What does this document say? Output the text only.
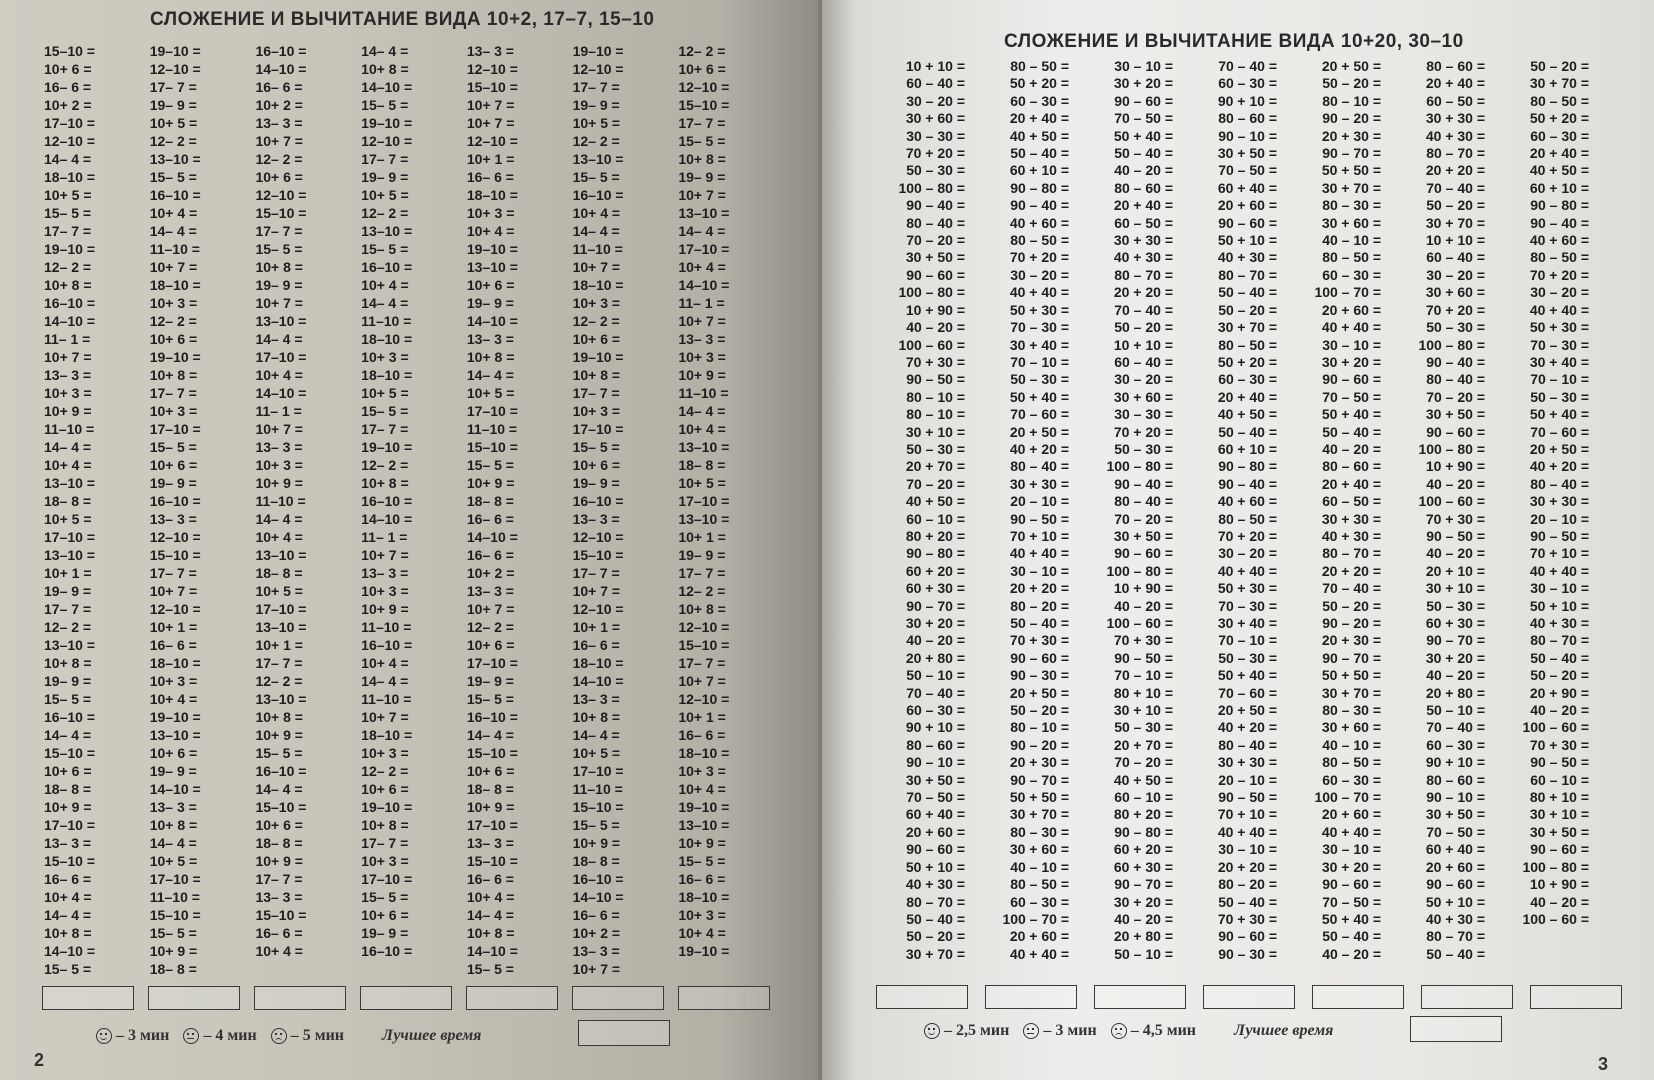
СЛОЖЕНИЕ И ВЫЧИТАНИЕ ВИДА 10+2, 17–7, 15–10
15–10 =
10+ 6 =
16– 6 =
10+ 2 =
17–10 =
12–10 =
14– 4 =
18–10 =
10+ 5 =
15– 5 =
17– 7 =
19–10 =
12– 2 =
10+ 8 =
16–10 =
14–10 =
11– 1 =
10+ 7 =
13– 3 =
10+ 3 =
10+ 9 =
11–10 =
14– 4 =
10+ 4 =
13–10 =
18– 8 =
10+ 5 =
17–10 =
13–10 =
10+ 1 =
19– 9 =
17– 7 =
12– 2 =
13–10 =
10+ 8 =
19– 9 =
15– 5 =
16–10 =
14– 4 =
15–10 =
10+ 6 =
18– 8 =
10+ 9 =
17–10 =
13– 3 =
15–10 =
16– 6 =
10+ 4 =
14– 4 =
10+ 8 =
14–10 =
15– 5 =
19–10 =
12–10 =
17– 7 =
19– 9 =
10+ 5 =
12– 2 =
13–10 =
15– 5 =
16–10 =
10+ 4 =
14– 4 =
11–10 =
10+ 7 =
18–10 =
10+ 3 =
12– 2 =
10+ 6 =
19–10 =
10+ 8 =
17– 7 =
10+ 3 =
17–10 =
15– 5 =
10+ 6 =
19– 9 =
16–10 =
13– 3 =
12–10 =
15–10 =
17– 7 =
10+ 7 =
12–10 =
10+ 1 =
16– 6 =
18–10 =
10+ 3 =
10+ 4 =
19–10 =
13–10 =
10+ 6 =
19– 9 =
14–10 =
13– 3 =
10+ 8 =
14– 4 =
10+ 5 =
17–10 =
11–10 =
15–10 =
15– 5 =
10+ 9 =
18– 8 =
16–10 =
14–10 =
16– 6 =
10+ 2 =
13– 3 =
10+ 7 =
12– 2 =
10+ 6 =
12–10 =
15–10 =
17– 7 =
15– 5 =
10+ 8 =
19– 9 =
10+ 7 =
13–10 =
14– 4 =
17–10 =
10+ 4 =
14–10 =
11– 1 =
10+ 7 =
13– 3 =
10+ 3 =
10+ 9 =
11–10 =
14– 4 =
10+ 4 =
13–10 =
18– 8 =
10+ 5 =
17–10 =
13–10 =
10+ 1 =
17– 7 =
12– 2 =
13–10 =
10+ 8 =
10+ 9 =
15– 5 =
16–10 =
14– 4 =
15–10 =
10+ 6 =
18– 8 =
10+ 9 =
17– 7 =
13– 3 =
15–10 =
16– 6 =
10+ 4 =
14– 4 =
10+ 8 =
14–10 =
15– 5 =
19–10 =
12–10 =
17– 7 =
19– 9 =
10+ 5 =
12– 2 =
13–10 =
15– 5 =
16–10 =
10+ 4 =
14– 4 =
11–10 =
18–10 =
10+ 3 =
18–10 =
10+ 5 =
15– 5 =
17– 7 =
19–10 =
12– 2 =
10+ 8 =
16–10 =
14–10 =
11– 1 =
10+ 7 =
13– 3 =
10+ 3 =
10+ 9 =
11–10 =
16–10 =
10+ 4 =
14– 4 =
11–10 =
10+ 7 =
18–10 =
10+ 3 =
12– 2 =
10+ 6 =
19–10 =
10+ 8 =
17– 7 =
10+ 3 =
17–10 =
15– 5 =
10+ 6 =
19– 9 =
16–10 =
13– 3 =
12–10 =
15–10 =
10+ 7 =
10+ 7 =
12–10 =
10+ 1 =
16– 6 =
18–10 =
10+ 3 =
10+ 4 =
19–10 =
13–10 =
10+ 6 =
19– 9 =
14–10 =
13– 3 =
10+ 8 =
14– 4 =
10+ 5 =
17–10 =
11–10 =
15–10 =
15– 5 =
10+ 9 =
18– 8 =
16– 6 =
14–10 =
16– 6 =
10+ 2 =
13– 3 =
10+ 7 =
12– 2 =
10+ 6 =
17–10 =
19– 9 =
15– 5 =
16–10 =
14– 4 =
15–10 =
10+ 6 =
18– 8 =
10+ 9 =
17–10 =
13– 3 =
15–10 =
16– 6 =
10+ 4 =
14– 4 =
10+ 8 =
14–10 =
15– 5 =
19–10 =
12–10 =
17– 7 =
19– 9 =
10+ 5 =
12– 2 =
13–10 =
15– 5 =
16–10 =
10+ 4 =
14– 4 =
11–10 =
10+ 7 =
18–10 =
10+ 3 =
12– 2 =
10+ 6 =
19–10 =
10+ 8 =
17– 7 =
10+ 3 =
17–10 =
15– 5 =
10+ 6 =
19– 9 =
16–10 =
13– 3 =
12–10 =
15–10 =
17– 7 =
10+ 7 =
12–10 =
10+ 1 =
16– 6 =
18–10 =
14–10 =
13– 3 =
10+ 8 =
14– 4 =
10+ 5 =
17–10 =
11–10 =
15–10 =
15– 5 =
10+ 9 =
18– 8 =
16–10 =
14–10 =
16– 6 =
10+ 2 =
13– 3 =
10+ 7 =
12– 2 =
10+ 6 =
12–10 =
15–10 =
17– 7 =
15– 5 =
10+ 8 =
19– 9 =
10+ 7 =
13–10 =
14– 4 =
17–10 =
10+ 4 =
14–10 =
11– 1 =
10+ 7 =
13– 3 =
10+ 3 =
10+ 9 =
11–10 =
14– 4 =
10+ 4 =
13–10 =
18– 8 =
10+ 5 =
17–10 =
13–10 =
10+ 1 =
19– 9 =
17– 7 =
12– 2 =
10+ 8 =
12–10 =
15–10 =
17– 7 =
10+ 7 =
12–10 =
10+ 1 =
16– 6 =
18–10 =
10+ 3 =
10+ 4 =
19–10 =
13–10 =
10+ 9 =
15– 5 =
16– 6 =
18–10 =
10+ 3 =
10+ 4 =
19–10 =
– 3 мин – 4 мин – 5 мин Лучшее время
2
СЛОЖЕНИЕ И ВЫЧИТАНИЕ ВИДА 10+20, 30–10
10 + 10 =
60 – 40 =
30 – 20 =
30 + 60 =
30 – 30 =
70 + 20 =
50 – 30 =
100 – 80 =
90 – 40 =
80 – 40 =
70 – 20 =
30 + 50 =
90 – 60 =
100 – 80 =
10 + 90 =
40 – 20 =
100 – 60 =
70 + 30 =
90 – 50 =
80 – 10 =
80 – 10 =
30 + 10 =
50 – 30 =
20 + 70 =
70 – 20 =
40 + 50 =
60 – 10 =
80 + 20 =
90 – 80 =
60 + 20 =
60 + 30 =
90 – 70 =
30 + 20 =
40 – 20 =
20 + 80 =
50 – 10 =
70 – 40 =
60 – 30 =
90 + 10 =
80 – 60 =
90 – 10 =
30 + 50 =
70 – 50 =
60 + 40 =
20 + 60 =
90 – 60 =
50 + 10 =
40 + 30 =
80 – 70 =
50 – 40 =
50 – 20 =
30 + 70 =
80 – 50 =
50 + 20 =
60 – 30 =
20 + 40 =
40 + 50 =
50 – 40 =
60 + 10 =
90 – 80 =
90 – 40 =
40 + 60 =
80 – 50 =
70 + 20 =
30 – 20 =
40 + 40 =
50 + 30 =
70 – 30 =
30 + 40 =
70 – 10 =
50 – 30 =
50 + 40 =
70 – 60 =
20 + 50 =
40 + 20 =
80 – 40 =
30 + 30 =
20 – 10 =
90 – 50 =
70 + 10 =
40 + 40 =
30 – 10 =
20 + 20 =
80 – 20 =
50 – 40 =
70 + 30 =
90 – 60 =
90 – 30 =
20 + 50 =
50 – 20 =
80 – 10 =
90 – 20 =
20 + 30 =
90 – 70 =
50 + 50 =
30 + 70 =
80 – 30 =
30 + 60 =
40 – 10 =
80 – 50 =
60 – 30 =
100 – 70 =
20 + 60 =
40 + 40 =
30 – 10 =
30 + 20 =
90 – 60 =
70 – 50 =
50 + 40 =
50 – 40 =
40 – 20 =
80 – 60 =
20 + 40 =
60 – 50 =
30 + 30 =
40 + 30 =
80 – 70 =
20 + 20 =
70 – 40 =
50 – 20 =
10 + 10 =
60 – 40 =
30 – 20 =
30 + 60 =
30 – 30 =
70 + 20 =
50 – 30 =
100 – 80 =
90 – 40 =
80 – 40 =
70 – 20 =
30 + 50 =
90 – 60 =
100 – 80 =
10 + 90 =
40 – 20 =
100 – 60 =
70 + 30 =
90 – 50 =
70 – 10 =
80 + 10 =
30 + 10 =
50 – 30 =
20 + 70 =
70 – 20 =
40 + 50 =
60 – 10 =
80 + 20 =
90 – 80 =
60 + 20 =
60 + 30 =
90 – 70 =
30 + 20 =
40 – 20 =
20 + 80 =
50 – 10 =
70 – 40 =
60 – 30 =
90 + 10 =
80 – 60 =
90 – 10 =
30 + 50 =
70 – 50 =
60 + 40 =
20 + 60 =
90 – 60 =
50 + 10 =
40 + 30 =
80 – 70 =
50 – 40 =
50 – 20 =
30 + 70 =
80 – 50 =
50 + 20 =
60 – 30 =
20 + 40 =
40 + 50 =
50 – 40 =
60 + 10 =
90 – 80 =
90 – 40 =
40 + 60 =
80 – 50 =
70 + 20 =
30 – 20 =
40 + 40 =
50 + 30 =
70 – 30 =
30 + 40 =
70 – 10 =
50 – 30 =
50 + 40 =
70 – 60 =
20 + 50 =
40 + 20 =
80 – 40 =
30 + 30 =
20 – 10 =
90 – 50 =
70 + 10 =
40 + 40 =
30 – 10 =
20 + 20 =
80 – 20 =
50 – 40 =
70 + 30 =
90 – 60 =
90 – 30 =
20 + 50 =
50 – 20 =
80 – 10 =
90 – 20 =
20 + 30 =
90 – 70 =
50 + 50 =
30 + 70 =
80 – 30 =
30 + 60 =
40 – 10 =
80 – 50 =
60 – 30 =
100 – 70 =
20 + 60 =
40 + 40 =
30 – 10 =
30 + 20 =
90 – 60 =
70 – 50 =
50 + 40 =
50 – 40 =
40 – 20 =
80 – 60 =
20 + 40 =
60 – 50 =
30 + 30 =
40 + 30 =
80 – 70 =
20 + 20 =
70 – 40 =
50 – 20 =
90 – 20 =
20 + 30 =
90 – 70 =
50 + 50 =
30 + 70 =
80 – 30 =
30 + 60 =
40 – 10 =
80 – 50 =
60 – 30 =
100 – 70 =
20 + 60 =
40 + 40 =
30 – 10 =
30 + 20 =
90 – 60 =
70 – 50 =
50 + 40 =
50 – 40 =
40 – 20 =
80 – 60 =
20 + 40 =
60 – 50 =
30 + 30 =
40 + 30 =
80 – 70 =
20 + 20 =
70 – 40 =
50 – 20 =
30 + 70 =
10 + 10 =
60 – 40 =
30 – 20 =
30 + 60 =
70 + 20 =
50 – 30 =
100 – 80 =
90 – 40 =
80 – 40 =
70 – 20 =
30 + 50 =
90 – 60 =
100 – 80 =
10 + 90 =
40 – 20 =
100 – 60 =
70 + 30 =
90 – 50 =
40 – 20 =
20 + 10 =
30 + 10 =
50 – 30 =
60 + 30 =
90 – 70 =
30 + 20 =
40 – 20 =
20 + 80 =
50 – 10 =
70 – 40 =
60 – 30 =
90 + 10 =
80 – 60 =
90 – 10 =
30 + 50 =
70 – 50 =
60 + 40 =
20 + 60 =
90 – 60 =
50 + 10 =
40 + 30 =
80 – 70 =
50 – 40 =
50 – 20 =
30 + 70 =
80 – 50 =
50 + 20 =
60 – 30 =
20 + 40 =
40 + 50 =
60 + 10 =
90 – 80 =
90 – 40 =
40 + 60 =
80 – 50 =
70 + 20 =
30 – 20 =
40 + 40 =
50 + 30 =
70 – 30 =
30 + 40 =
70 – 10 =
50 – 30 =
50 + 40 =
70 – 60 =
20 + 50 =
40 + 20 =
80 – 40 =
30 + 30 =
20 – 10 =
90 – 50 =
70 + 10 =
40 + 40 =
30 – 10 =
50 + 10 =
40 + 30 =
80 – 70 =
50 – 40 =
50 – 20 =
20 + 90 =
40 – 20 =
100 – 60 =
70 + 30 =
90 – 50 =
60 – 10 =
80 + 10 =
30 + 10 =
30 + 50 =
90 – 60 =
100 – 80 =
10 + 90 =
40 – 20 =
100 – 60 =
– 2,5 мин – 3 мин – 4,5 мин Лучшее время
3
